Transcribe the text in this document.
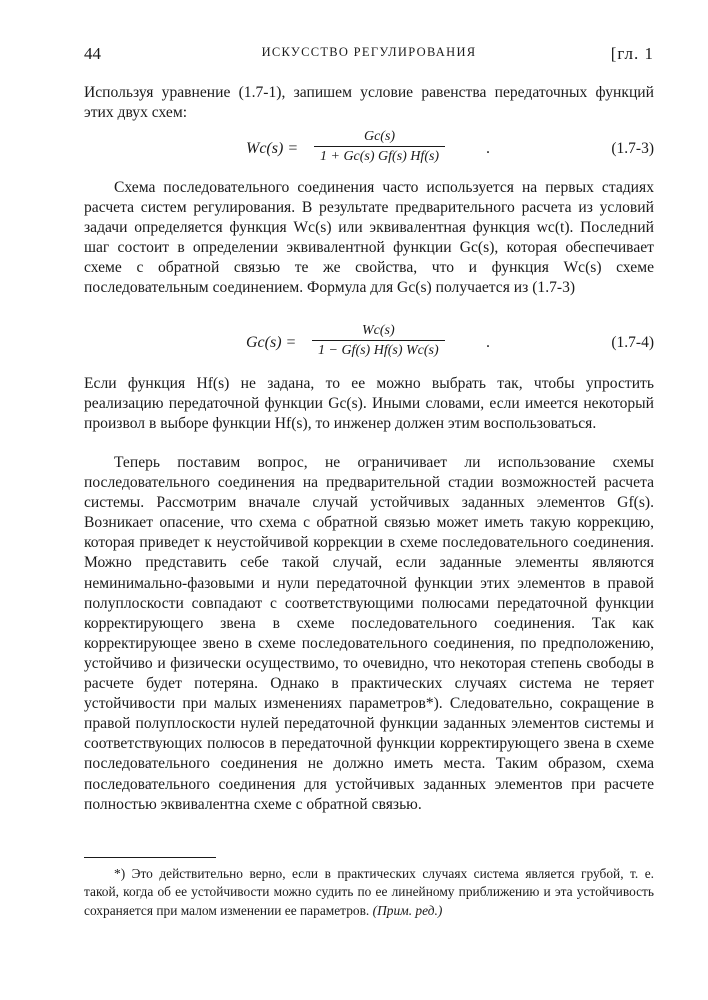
44	ИСКУССТВО РЕГУЛИРОВАНИЯ	[гл. 1

Используя уравнение (1.7-1), запишем условие равенства передаточных функций этих двух схем:

$Wc(s) = \frac{Gc(s)}{1 + Gc(s) Gf(s) Hf(s)}$	.	(1.7-3)

Схема последовательного соединения часто используется на первых стадиях расчета систем регулирования. В результате предварительного расчета из условий задачи определяется функция Wc(s) или эквивалентная функция wc(t). Последний шаг состоит в определении эквивалентной функции Gc(s), которая обеспечивает схеме с обратной связью те же свойства, что и функция Wc(s) схеме последовательным соединением. Формула для Gc(s) получается из (1.7-3)

$Gc(s) = \frac{Wc(s)}{1 - Gf(s) Hf(s) Wc(s)}$	.	(1.7-4)

Если функция Hf(s) не задана, то ее можно выбрать так, чтобы упростить реализацию передаточной функции Gc(s). Иными словами, если имеется некоторый произвол в выборе функции Hf(s), то инженер должен этим воспользоваться.

Теперь поставим вопрос, не ограничивает ли использование схемы последовательного соединения на предварительной стадии возможностей расчета системы. Рассмотрим вначале случай устойчивых заданных элементов Gf(s). Возникает опасение, что схема с обратной связью может иметь такую коррекцию, которая приведет к неустойчивой коррекции в схеме последовательного соединения. Можно представить себе такой случай, если заданные элементы являются неминимально-фазовыми и нули передаточной функции этих элементов в правой полуплоскости совпадают с соответствующими полюсами передаточной функции корректирующего звена в схеме последовательного соединения. Так как корректирующее звено в схеме последовательного соединения, по предположению, устойчиво и физически осуществимо, то очевидно, что некоторая степень свободы в расчете будет потеряна. Однако в практических случаях система не теряет устойчивости при малых изменениях параметров*). Следовательно, сокращение в правой полуплоскости нулей передаточной функции заданных элементов системы и соответствующих полюсов в передаточной функции корректирующего звена в схеме последовательного соединения не должно иметь места. Таким образом, схема последовательного соединения для устойчивых заданных элементов при расчете полностью эквивалентна схеме с обратной связью.

*) Это действительно верно, если в практических случаях система является грубой, т. е. такой, когда об ее устойчивости можно судить по ее линейному приближению и эта устойчивость сохраняется при малом изменении ее параметров. (Прим. ред.)
